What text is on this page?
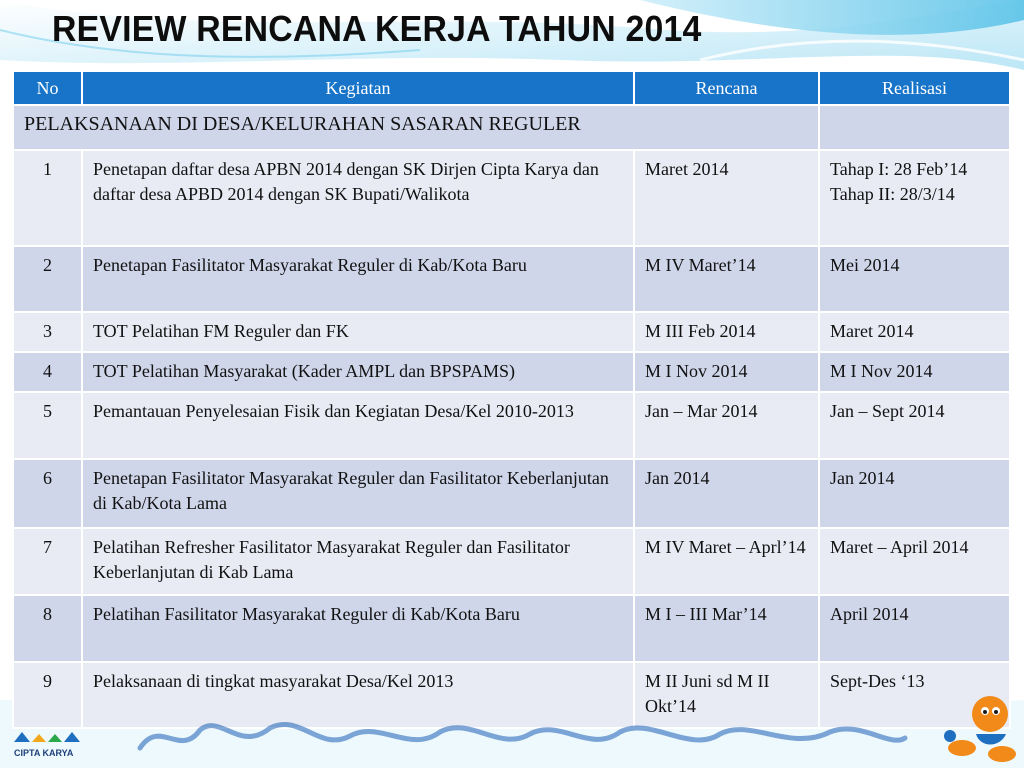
REVIEW RENCANA KERJA TAHUN 2014
No	Kegiatan	Rencana	Realisasi
PELAKSANAAN DI DESA/KELURAHAN SASARAN REGULER			
1	Penetapan daftar desa APBN 2014 dengan SK Dirjen Cipta Karya dan daftar desa APBD 2014 dengan SK Bupati/Walikota	Maret 2014	Tahap I: 28 Feb’14
Tahap II: 28/3/14

2	Penetapan Fasilitator Masyarakat Reguler di Kab/Kota Baru	M IV Maret’14	Mei 2014
3	TOT Pelatihan FM Reguler dan FK	M III Feb 2014	Maret 2014
4	TOT Pelatihan Masyarakat (Kader AMPL dan BPSPAMS)	M I Nov 2014	M I Nov 2014
5	Pemantauan Penyelesaian Fisik dan Kegiatan Desa/Kel 2010-2013	Jan – Mar 2014	Jan – Sept 2014
6	Penetapan Fasilitator Masyarakat Reguler dan Fasilitator Keberlanjutan di Kab/Kota Lama	Jan 2014	Jan 2014
7	Pelatihan Refresher Fasilitator Masyarakat Reguler dan Fasilitator Keberlanjutan di Kab Lama	M IV Maret – Aprl’14	Maret – April 2014
8	Pelatihan Fasilitator Masyarakat Reguler di Kab/Kota Baru	M I – III Mar’14	April 2014
9	Pelaksanaan di tingkat masyarakat Desa/Kel 2013	M II Juni sd M II Okt’14	Sept-Des ‘13
CIPTA KARYA
